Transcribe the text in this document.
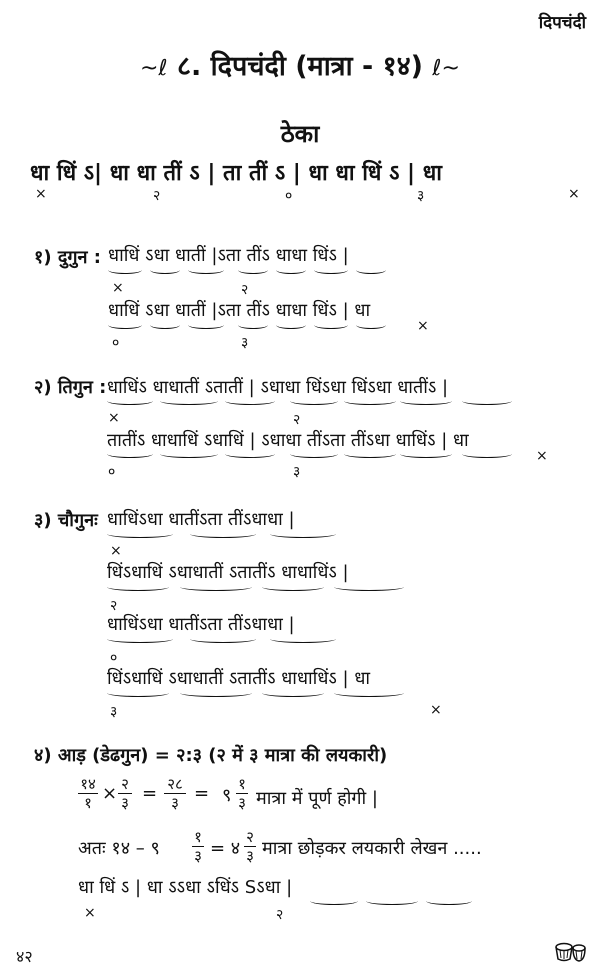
दिपचंदी
~ℓ ८. दिपचंदी (मात्रा - १४) ℓ~
ठेका
धा धिं ऽ| धा धा तीं ऽ | ता तीं ऽ | धा धा धिं ऽ | धा
×	२	०	३	×
१) दुगुन : धाधिं ऽधा धातीं |ऽता तींऽ धाधा धिंऽ |
×	२
धाधिं ऽधा धातीं |ऽता तींऽ धाधा धिंऽ | धा
०	३
×
२) तिगुन : धाधिंऽ धाधातीं ऽतातीं | ऽधाधा धिंऽधा धिंऽधा धातींऽ |
×	२
तातींऽ धाधाधिं ऽधाधिं | ऽधाधा तींऽता तींऽधा धाधिंऽ | धा
०	३
×
३) चौगुनः धाधिंऽधा धातींऽता तींऽधाधा |
×
धिंऽधाधिं ऽधाधातीं ऽतातींऽ धाधाधिंऽ |
२
धाधिंऽधा धातींऽता तींऽधाधा |
०
धिंऽधाधिं ऽधाधातीं ऽतातींऽ धाधाधिंऽ | धा
३	×
४) आड़ (डेढगुन) = २:३ (२ में ३ मात्रा की लयकारी)
१४
१ × २
३ = २८
३ = ९
१
३ मात्रा में पूर्ण होगी |
अतः १४ – ९
१
३ = ४
२
३ मात्रा छोड़कर लयकारी लेखन .....
धा धिं ऽ | धा ऽऽधा ऽधिंऽ Sऽधा |
×	२
४२
